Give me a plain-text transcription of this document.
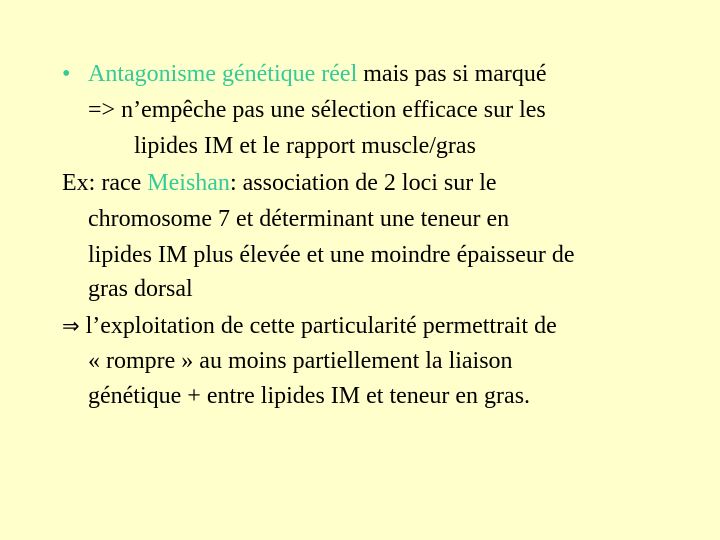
• Antagonisme génétique réel mais pas si marqué
=> n’empêche pas une sélection efficace sur les
lipides IM et le rapport muscle/gras
Ex: race Meishan: association de 2 loci sur le
chromosome 7 et déterminant une teneur en
lipides IM plus élevée et une moindre épaisseur de
gras dorsal
⇒ l’exploitation de cette particularité permettrait de
« rompre » au moins partiellement la liaison
génétique + entre lipides IM et teneur en gras.
